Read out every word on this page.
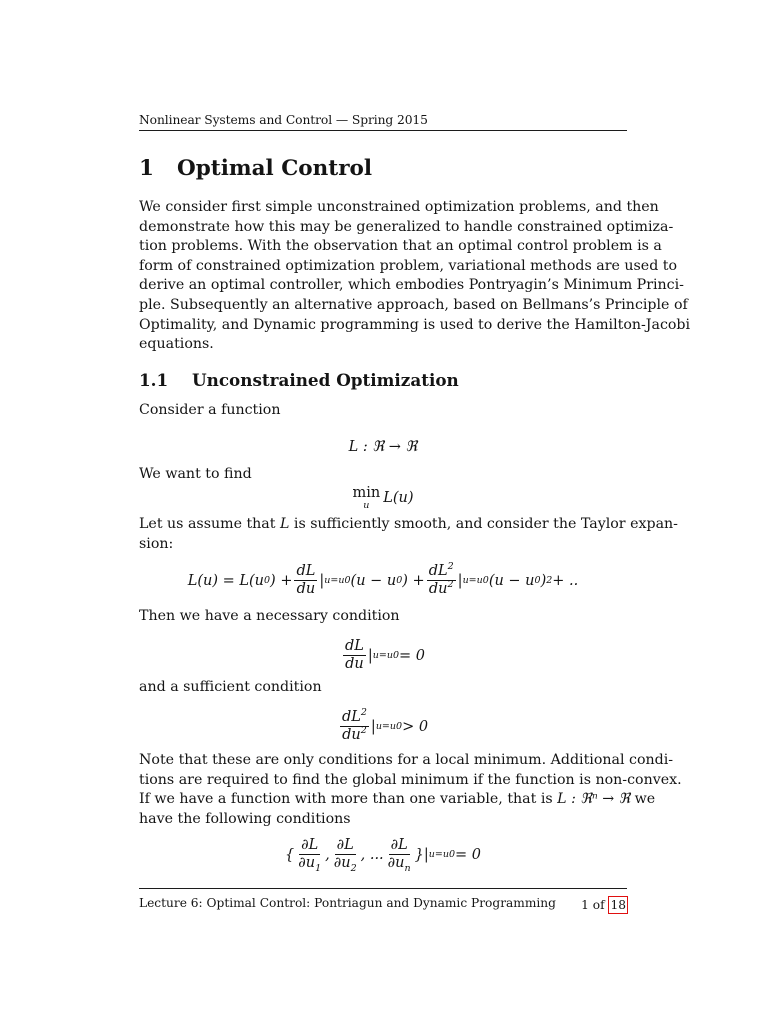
Nonlinear Systems and Control — Spring 2015
1 Optimal Control
We consider first simple unconstrained optimization problems, and then
demonstrate how this may be generalized to handle constrained optimiza-
tion problems. With the observation that an optimal control problem is a
form of constrained optimization problem, variational methods are used to
derive an optimal controller, which embodies Pontryagin’s Minimum Princi-
ple. Subsequently an alternative approach, based on Bellmans’s Principle of
Optimality, and Dynamic programming is used to derive the Hamilton-Jacobi
equations.
1.1 Unconstrained Optimization
Consider a function
L : ℜ → ℜ
We want to find
min
u L(u)
Let us assume that L is sufficiently smooth, and consider the Taylor expan-
sion:
L(u) = L(u 0 ) + $\frac{dL}{du}$ | u=u 0 (u − u 0 ) + $\frac{dL^2}{du^2}$ | u=u 0 (u − u 0 ) 2 + ..
Then we have a necessary condition
$\frac{dL}{du}$ | u=u 0 = 0
and a sufficient condition
$\frac{dL^2}{du^2}$ | u=u 0 > 0
Note that these are only conditions for a local minimum. Additional condi-
tions are required to find the global minimum if the function is non-convex.
If we have a function with more than one variable, that is L : ℜⁿ → ℜ we
have the following conditions
{ $\frac{\partial L}{\partial u_1}$ , $\frac{\partial L}{\partial u_2}$ , ... $\frac{\partial L}{\partial u_n}$ } | u=u 0 = 0
Lecture 6: Optimal Control: Pontriagun and Dynamic Programming 1 of 18
